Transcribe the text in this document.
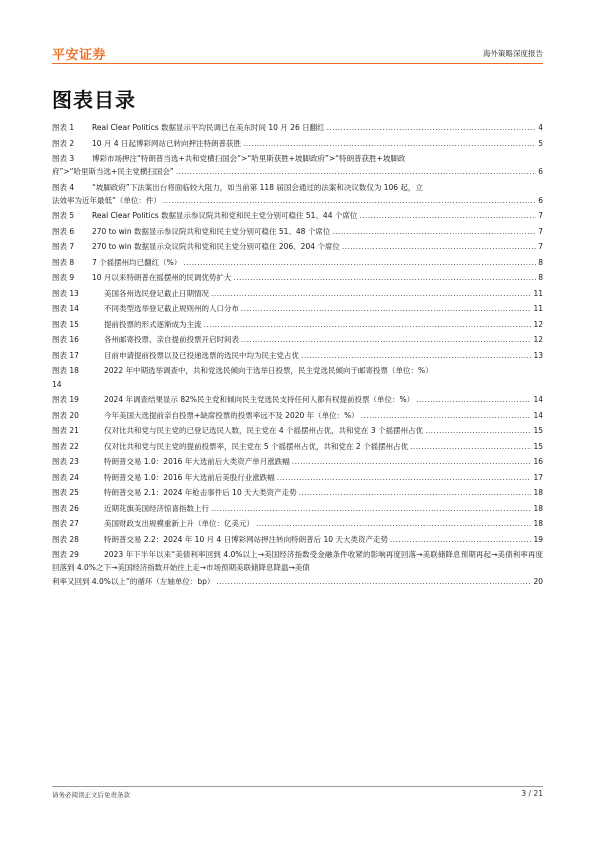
平安证券	海外策略深度报告
图表目录
图表 1 Real Clear Politics 数据显示平均民调已在美东时间 10 月 26 日翻红 .....	4
图表 2 10 月 4 日起博彩网站已转向押注特朗普获胜 .....	5
图表 3	博彩市场押注“特朗普当选+共和党横扫国会”>“哈里斯获胜+坡脚政府”>“特朗普获胜+坡脚政
府”>“哈里斯当选+民主党横扫国会” .....	6
图表 4	“坡脚政府”下法案出台将面临较大阻力，如当前第 118 届国会通过的法案和决议数仅为 106 起，立
法效率为近年最低”（单位：件） .....	6
图表 5 Real Clear Politics 数据显示参议院共和党和民主党分别可稳住 51、44 个席位 .....	7
图表 6 270 to win 数据显示参议院共和党和民主党分别可稳住 51、48 个席位 .....	7
图表 7 270 to win 数据显示众议院共和党和民主党分别可稳住 206、204 个席位 .....	7
图表 8 7 个摇摆州均已翻红（%） .....	8
图表 9 10 月以来特朗普在摇摆州的民调优势扩大 .....	8
图表 13	美国各州选民登记截止日期情况 .....	11
图表 14	不同类型选举登记截止规则州的人口分布 .....	11
图表 15	提前投票的形式逐渐成为主流 .....	12
图表 16	各州邮寄投票、亲自提前投票开启时间表 .....	12
图表 17	目前申请提前投票以及已投递选票的选民中均为民主党占优 .....	13
图表 18	2022 年中期选举调查中，共和党选民倾向于选举日投票，民主党选民倾向于邮寄投票（单位：%）
14
图表 19	2024 年调查结果显示 82%民主党和倾向民主党选民支持任何人都有权提前投票（单位：%） .....	14
图表 20	今年美国大选提前亲自投票+缺席投票的投票率远不及 2020 年（单位：%） .....	14
图表 21	仅对比共和党与民主党的已登记选民人数，民主党在 4 个摇摆州占优，共和党在 3 个摇摆州占优 .....	15
图表 22	仅对比共和党与民主党的提前投票率，民主党在 5 个摇摆州占优，共和党在 2 个摇摆州占优 .....	15
图表 23	特朗普交易 1.0：2016 年大选前后大类资产单月涨跌幅 .....	16
图表 24	特朗普交易 1.0：2016 年大选前后美股行业涨跌幅 .....	17
图表 25	特朗普交易 2.1：2024 年枪击事件后 10 天大类资产走势 .....	18
图表 26	近期花旗美国经济惊喜指数上行 .....	18
图表 27	美国财政支出规模重新上升（单位：亿美元） .....	18
图表 28	特朗普交易 2.2：2024 年 10 月 4 日博彩网站押注转向特朗普后 10 天大类资产走势 .....	19
图表 29	2023 年下半年以来“美债利率回到 4.0%以上→美国经济指数受金融条件收紧的影响再度回落→美联储降息预期再起→美债利率再度回落到 4.0%之下→美国经济指数开始往上走→市场预期美联储降息降温→美债
利率又回到 4.0%以上”的循环（左轴单位：bp） .....	20
请务必阅读正文后免责条款	3 / 21
